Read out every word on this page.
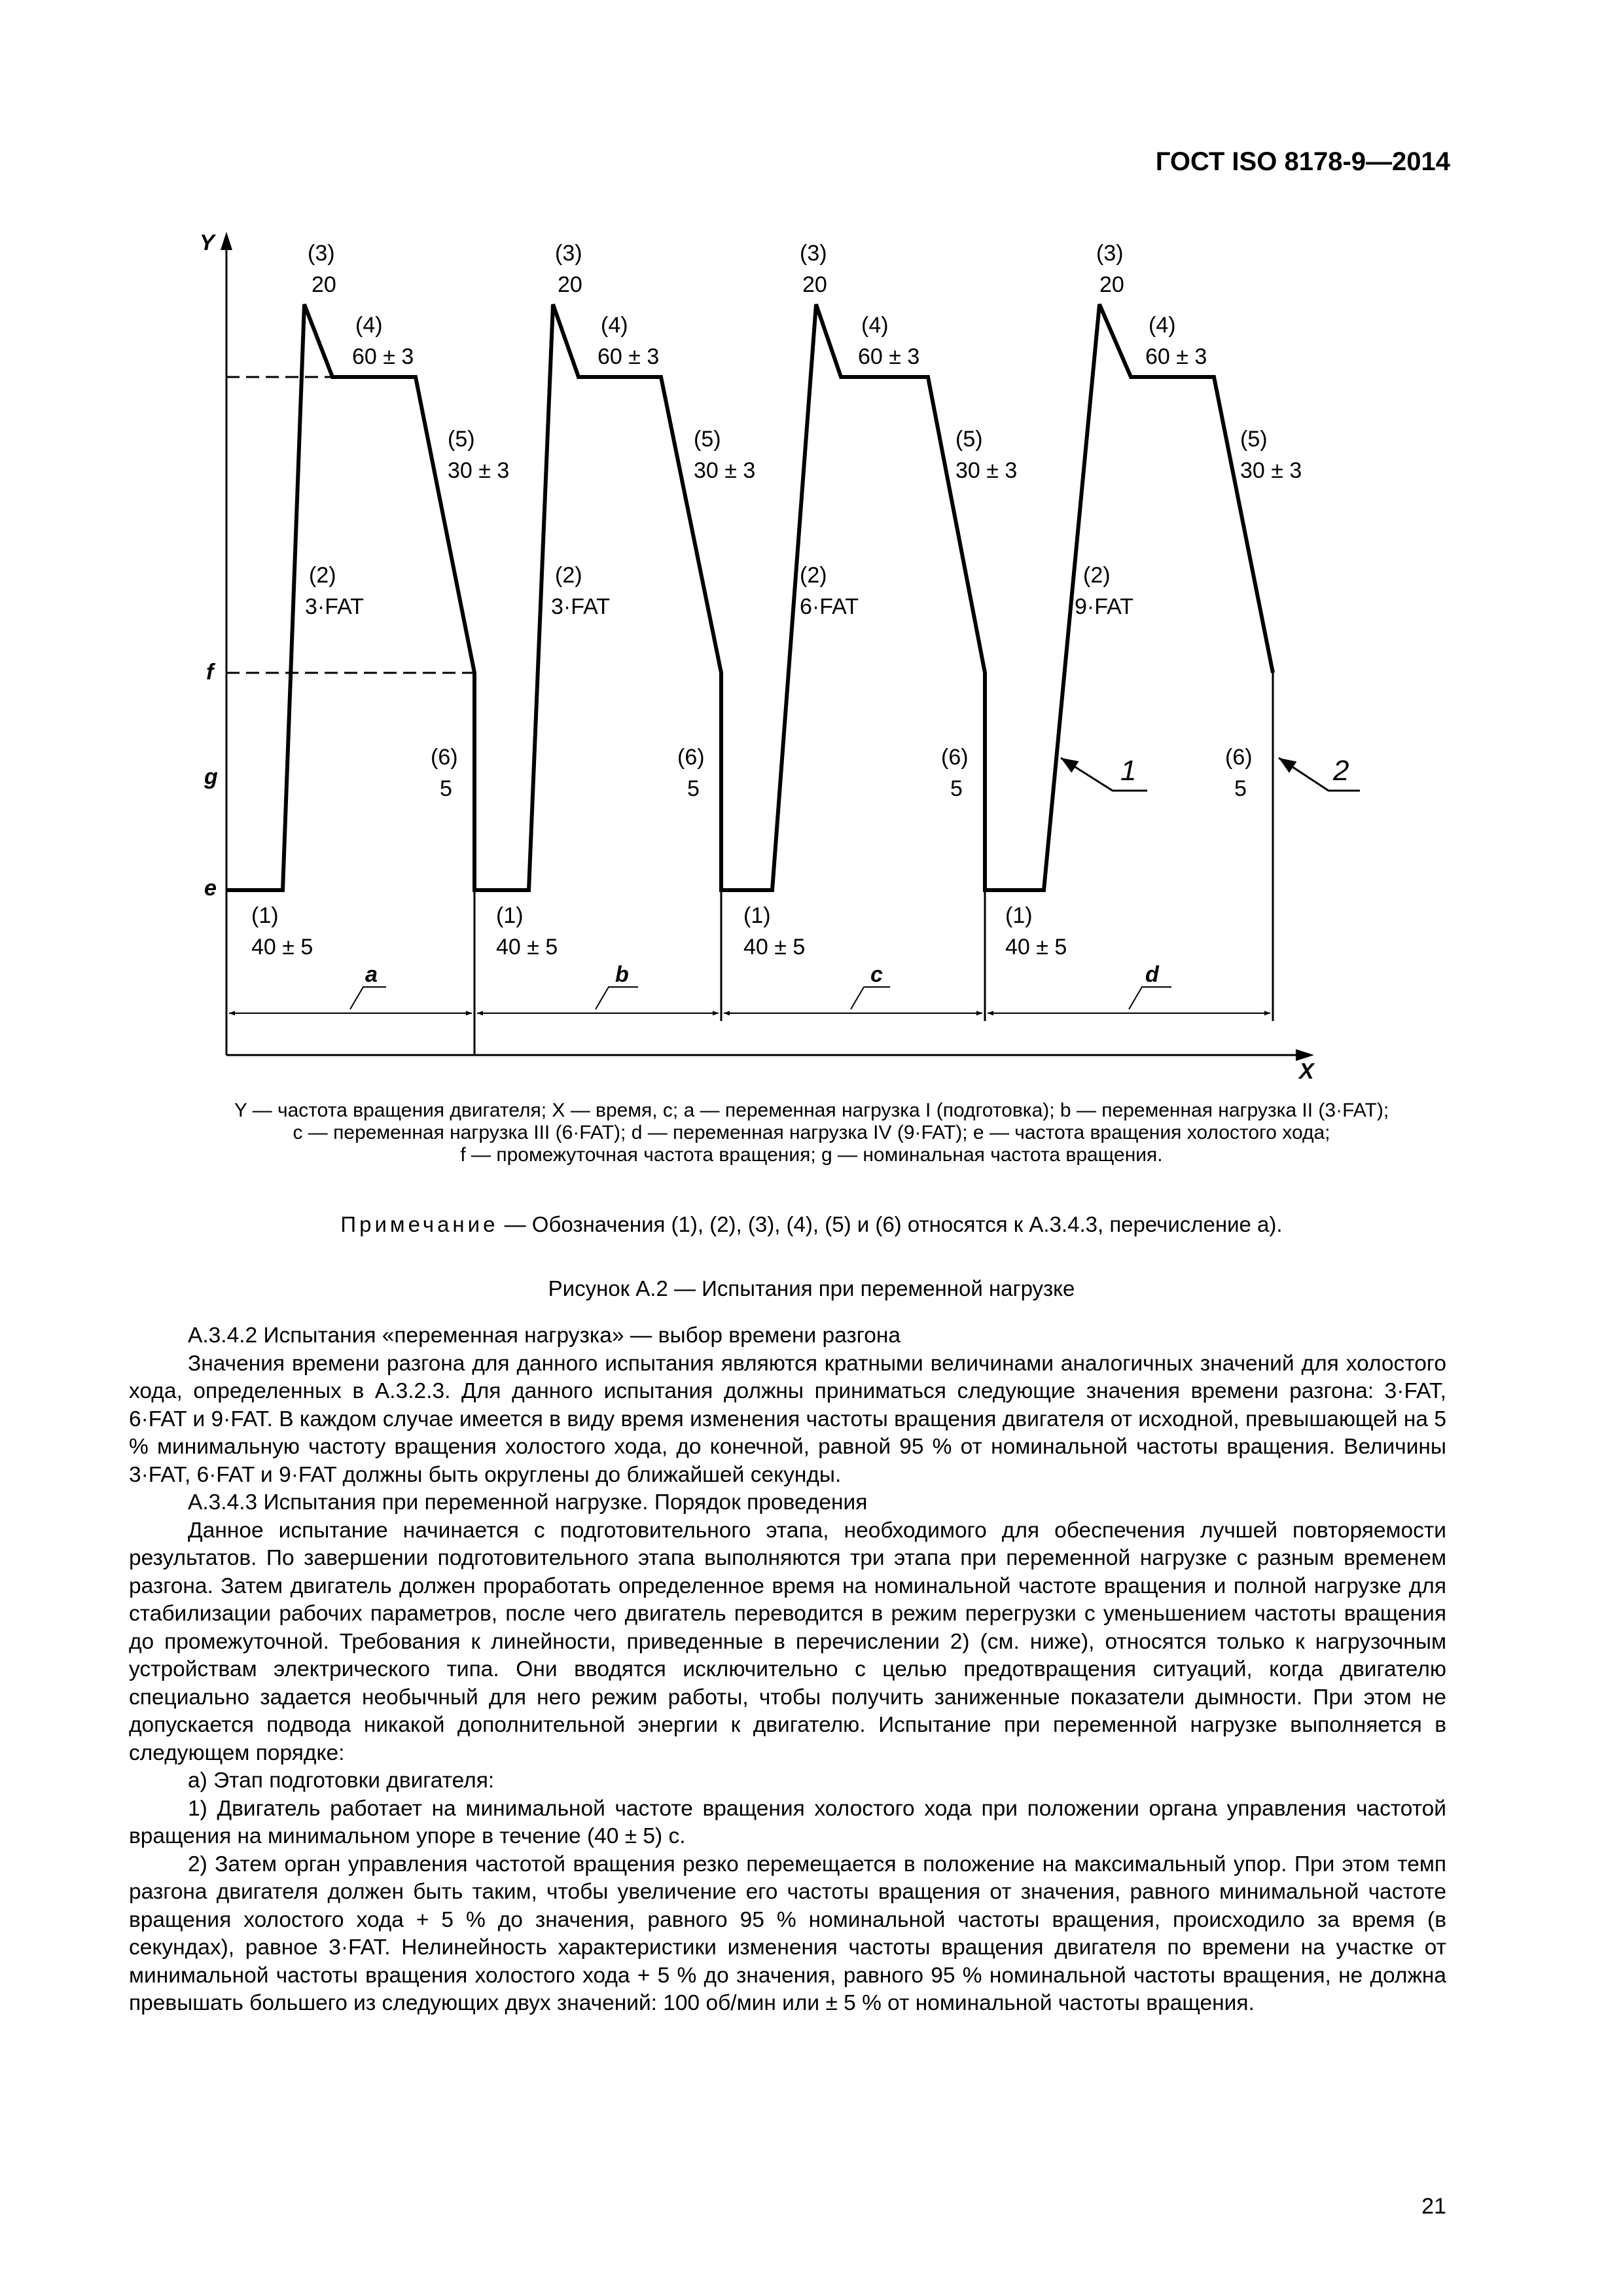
ГОСТ ISO 8178-9—2014
Y
X
f
g
e
a	b	c	d
1	2
(3)
20
(4)
60 ± 3
(5)
30 ± 3
(2)
3·FAT
(6)
5
(1)
40 ± 5
(3)
20
(4)
60 ± 3
(5)
30 ± 3
(2)
3·FAT
(6)
5
(1)
40 ± 5
(3)
20
(4)
60 ± 3
(5)
30 ± 3
(2)
6·FAT
(6)
5
(1)
40 ± 5
(3)
20
(4)
60 ± 3
(5)
30 ± 3
(2)
9·FAT
(6)
5
(1)
40 ± 5
Y — частота вращения двигателя; X — время, с; a — переменная нагрузка I (подготовка); b — переменная нагрузка II (3·FAT);
c — переменная нагрузка III (6·FAT); d — переменная нагрузка IV (9·FAT); e — частота вращения холостого хода;
f — промежуточная частота вращения; g — номинальная частота вращения.
Примечание — Обозначения (1), (2), (3), (4), (5) и (6) относятся к А.3.4.3, перечисление а).
Рисунок А.2 — Испытания при переменной нагрузке

А.3.4.2 Испытания «переменная нагрузка» — выбор времени разгона

Значения времени разгона для данного испытания являются кратными величинами аналогичных значений для холостого хода, определенных в А.3.2.3. Для данного испытания должны приниматься следующие значения времени разгона: 3·FAT, 6·FAT и 9·FAT. В каждом случае имеется в виду время изменения частоты вращения двигателя от исходной, превышающей на 5 % минимальную частоту вращения холостого хода, до конечной, равной 95 % от номинальной частоты вращения. Величины 3·FAT, 6·FAT и 9·FAT должны быть округлены до ближайшей секунды.

А.3.4.3 Испытания при переменной нагрузке. Порядок проведения

Данное испытание начинается с подготовительного этапа, необходимого для обеспечения лучшей повторяемости результатов. По завершении подготовительного этапа выполняются три этапа при переменной нагрузке с разным временем разгона. Затем двигатель должен проработать определенное время на номинальной частоте вращения и полной нагрузке для стабилизации рабочих параметров, после чего двигатель переводится в режим перегрузки с уменьшением частоты вращения до промежуточной. Требования к линейности, приведенные в перечислении 2) (см. ниже), относятся только к нагрузочным устройствам электрического типа. Они вводятся исключительно с целью предотвращения ситуаций, когда двигателю специально задается необычный для него режим работы, чтобы получить заниженные показатели дымности. При этом не допускается подвода никакой дополнительной энергии к двигателю. Испытание при переменной нагрузке выполняется в следующем порядке:

а) Этап подготовки двигателя:

1) Двигатель работает на минимальной частоте вращения холостого хода при положении органа управления частотой вращения на минимальном упоре в течение (40 ± 5) с.

2) Затем орган управления частотой вращения резко перемещается в положение на максимальный упор. При этом темп разгона двигателя должен быть таким, чтобы увеличение его частоты вращения от значения, равного минимальной частоте вращения холостого хода + 5 % до значения, равного 95 % номинальной частоты вращения, происходило за время (в секундах), равное 3·FAT. Нелинейность характеристики изменения частоты вращения двигателя по времени на участке от минимальной частоты вращения холостого хода + 5 % до значения, равного 95 % номинальной частоты вращения, не должна превышать большего из следующих двух значений: 100 об/мин или ± 5 % от номинальной частоты вращения.

21
